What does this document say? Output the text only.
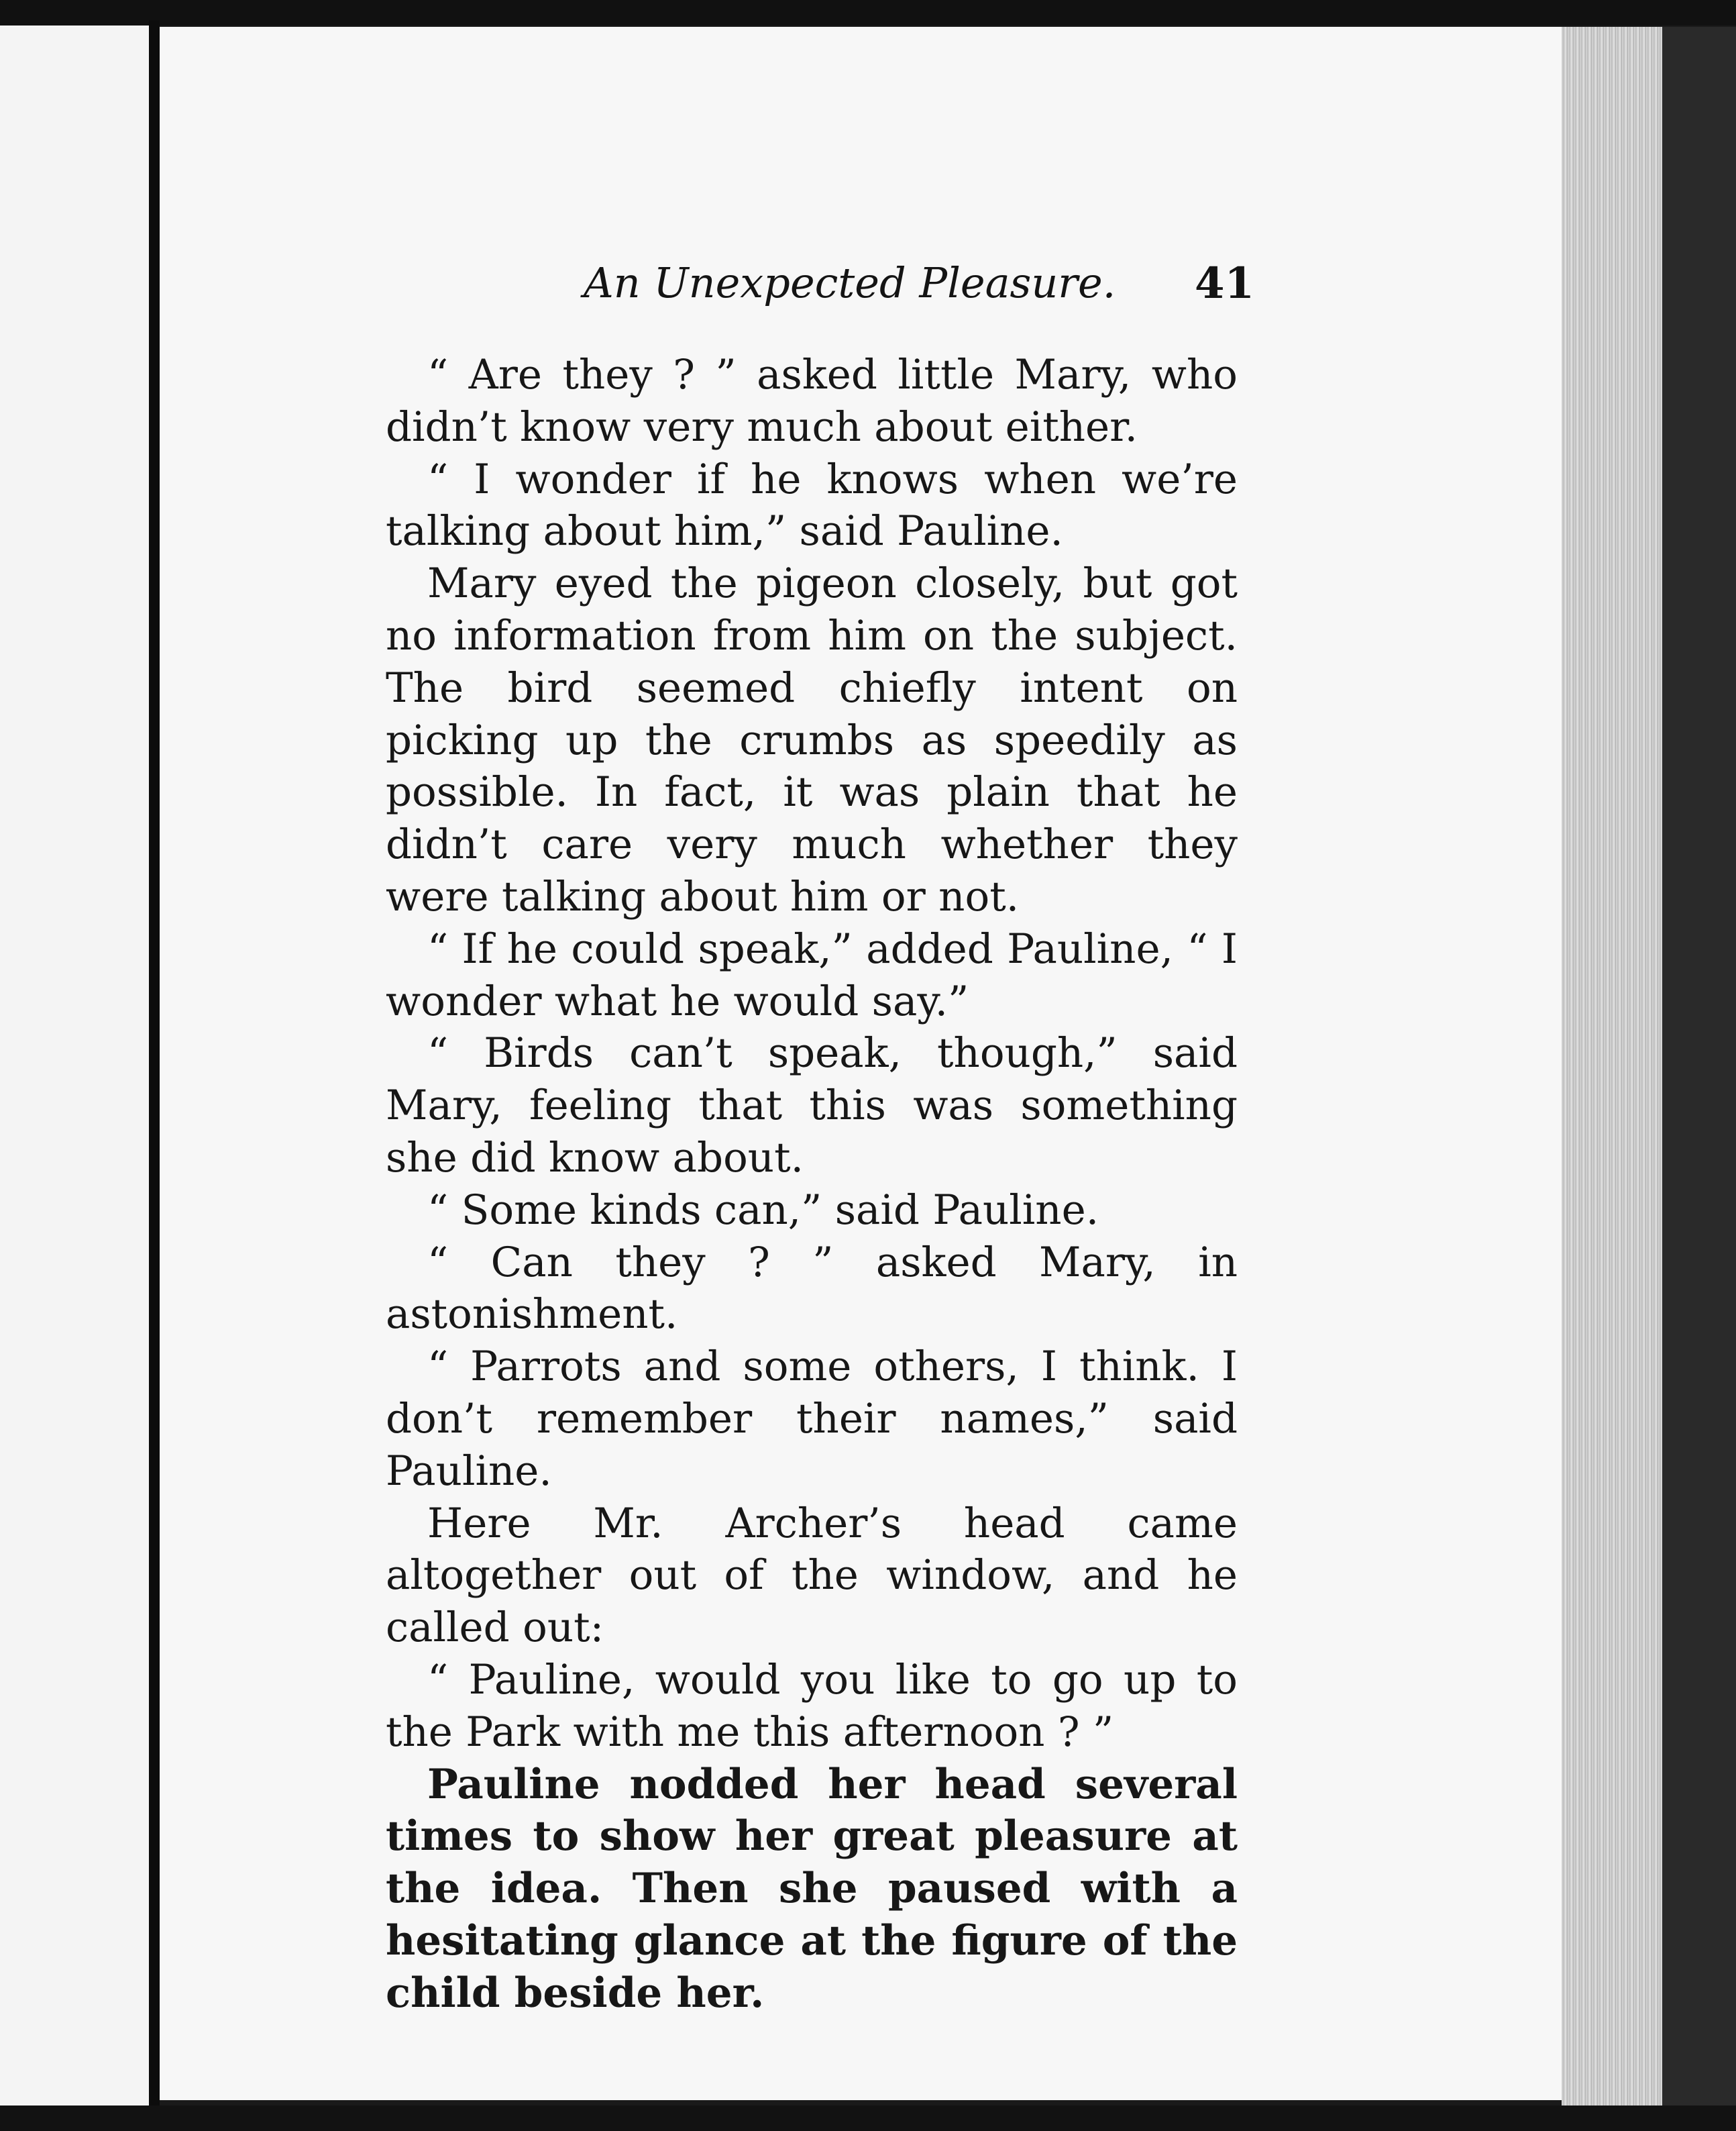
An Unexpected Pleasure. 41

“ Are they ? ” asked little Mary, who didn’t know very much about either.

“ I wonder if he knows when we’re talking about him,” said Pauline.

Mary eyed the pigeon closely, but got no information from him on the subject. The bird seemed chiefly intent on picking up the crumbs as speedily as possible. In fact, it was plain that he didn’t care very much whether they were talking about him or not.

“ If he could speak,” added Pauline, “ I wonder what he would say.”

“ Birds can’t speak, though,” said Mary, feeling that this was something she did know about.

“ Some kinds can,” said Pauline.

“ Can they ? ” asked Mary, in astonishment.

“ Parrots and some others, I think. I don’t remember their names,” said Pauline.

Here Mr. Archer’s head came altogether out of the window, and he called out:

“ Pauline, would you like to go up to the Park with me this afternoon ? ”

Pauline nodded her head several times to show her great pleasure at the idea. Then she paused with a hesitating glance at the figure of the child beside her.
